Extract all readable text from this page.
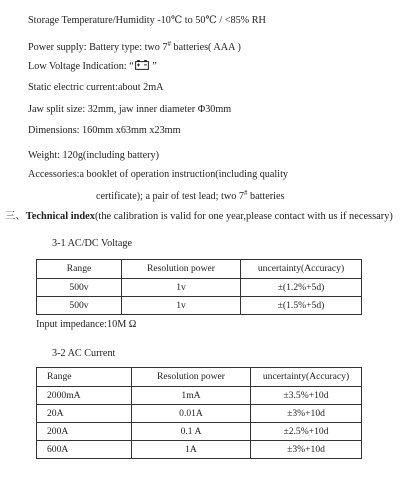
Storage Temperature/Humidity -10℃ to 50℃ / <85% RH
Power supply: Battery type: two 7# batteries( AAA )
Low Voltage Indication: “ ”
Static electric current:about 2mA
Jaw split size: 32mm, jaw inner diameter Φ30mm
Dimensions: 160mm x63mm x23mm
Weight: 120g(including battery)
Accessories:a booklet of operation instruction(including quality
certificate); a pair of test lead; two 7# batteries
三、Technical index(the calibration is valid for one year,please contact with us if necessary)
3-1 AC/DC Voltage
Range	Resolution power	uncertainty(Accuracy)
500v	1v	±(1.2%+5d)
500v	1v	±(1.5%+5d)
Input impedance:10M Ω
3-2 AC Current
Range	Resolution power	uncertainty(Accuracy)
2000mA	1mA	±3.5%+10d
20A	0.01A	±3%+10d
200A	0.1 A	±2.5%+10d
600A	1A	±3%+10d
